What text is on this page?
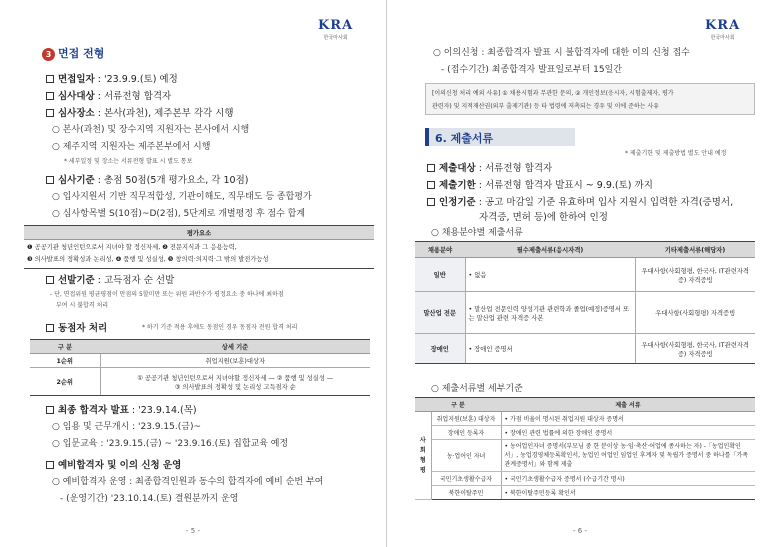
KRA
한국마사회
3 면접 전형
면접일자 : '23.9.9.(토) 예정
심사대상 : 서류전형 합격자
심사장소 : 본사(과천), 제주본부 각각 시행
○ 본사(과천) 및 장수지역 지원자는 본사에서 시행
○ 제주지역 지원자는 제주본부에서 시행
* 세부일정 및 장소는 서류전형 발표 시 별도 통보
심사기준 : 총점 50점(5개 평가요소, 각 10점)
○ 입사지원서 기반 직무적합성, 기관이해도, 직무태도 등 종합평가
○ 심사항목별 S(10점)~D(2점), 5단계로 개별평정 후 점수 합계
평가요소

❶ 공공기관 청년인턴으로서 지녀야 할 정신자세, ❷ 전문지식과 그 응용능력,
❸ 의사발표의 정확성과 논리성, ❹ 품행 및 성실성, ❺ 창의력·의지력·그 밖의 발전가능성
선발기준 : 고득점자 순 선발
- 단, 면접위원 평균평점이 만점의 5할미만 또는 위원 과반수가 평정요소 중 하나에 최하점
부여 시 불합격 처리
동점자 처리	* 하기 기준 적용 후에도 동점인 경우 동점자 전원 합격 처리
구 분	상세 기준
1순위	취업지원(보훈)대상자
2순위	① 공공기관 청년인턴으로서 지녀야할 정신자세 — ② 품행 및 성실성 —
③ 의사발표의 정확성 및 논리성 고득점자 순
최종 합격자 발표 : '23.9.14.(목)
○ 임용 및 근무개시 : '23.9.15.(금)~
○ 입문교육 : '23.9.15.(금) ~ '23.9.16.(토) 집합교육 예정
예비합격자 및 이의 신청 운영
○ 예비합격자 운영 : 최종합격인원과 동수의 합격자에 예비 순번 부여
- (운영기간) '23.10.14.(토) 결원분까지 운영
- 5 -
KRA
한국마사회
○ 이의신청 : 최종합격자 발표 시 불합격자에 대한 이의 신청 접수
- (접수기간) 최종합격자 발표일로부터 15일간
[이의신청 처리 예외 사유] ① 채용시험과 무관한 문의, ② 개인정보(응시자, 시험출제자, 평가
관련자) 및 지적재산권(외부 출제기관) 등 타 법령에 저촉되는 경우 및 이에 준하는 사유
6. 제출서류
* 제출기한 및 제출방법 별도 안내 예정
제출대상 : 서류전형 합격자
제출기한 : 서류전형 합격자 발표시 ~ 9.9.(토) 까지
인정기준 : 공고 마감일 기준 유효하며 입사 지원시 입력한 자격(증명서,
자격증, 면허 등)에 한하여 인정
○ 채용분야별 제출서류
채용분야	필수제출서류(응시자격)	기타제출서류(해당자)
일반	• 없음	우대사항(사회형평, 한국사, IT관련자격증) 자격증빙
말산업 전문	• 말산업 전문인력 양성기관 관련학과 졸업(예정)증명서 또는 말산업 관련 자격증 사본	우대사항(사회형평) 자격증빙
장애인	• 장애인 증명서	우대사항(사회형평, 한국사, IT관련자격증) 자격증빙
○ 제출서류별 세부기준
구 분		제출 서류
사회형평	취업지원(보훈) 대상자	• 가점 비율이 명시된 취업지원 대상자 증명서
	장애인 등록자	• 장애인 관련 법률에 의한 장애인 증명서
	농·업어인 자녀	• 농어업인자녀 증명서(부모님 중 한 분이상 농·임·축산·어업에 종사하는 자) -「농업인확인서」, 농업경영체등록확인서, 농업인 어업인 임업인 후계자 및 독립가 증명서 중 하나를「가족관계증명서」와 함께 제출
	국민기초생활수급자	• 국민기초생활수급자 증명서 (수급기간 명시)
	북한이탈주민	• 북한이탈주민등록 확인서
- 6 -
